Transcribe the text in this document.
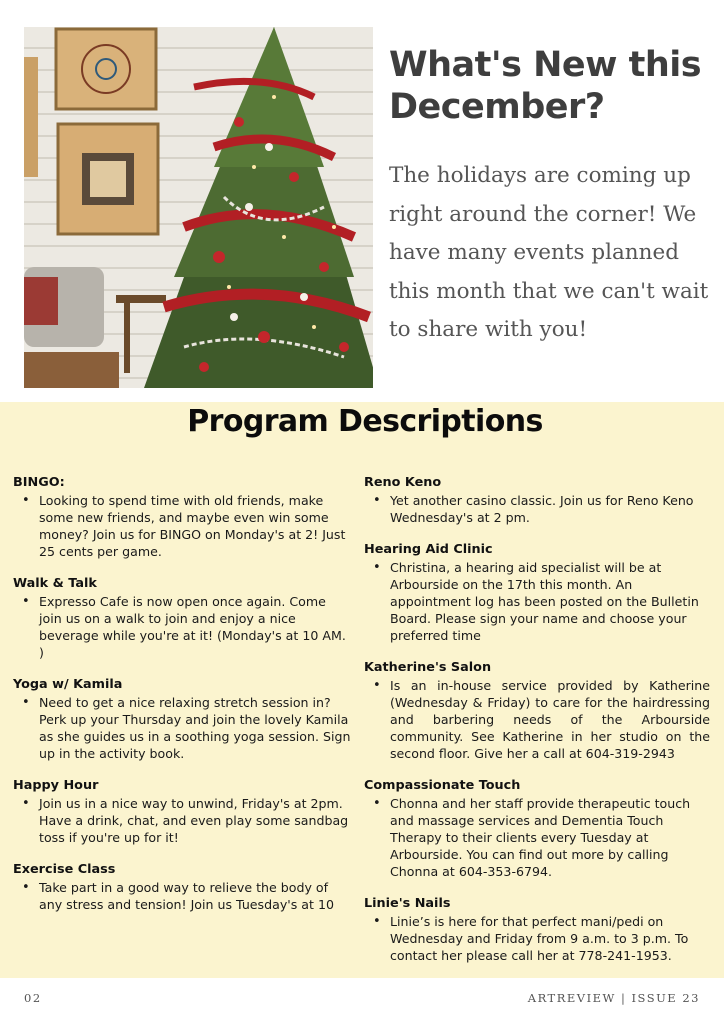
What's New this December?

The holidays are coming up right around the corner! We have many events planned this month that we can't wait to share with you!

Program Descriptions
BINGO:
• Looking to spend time with old friends, make some new friends, and maybe even win some money? Join us for BINGO on Monday's at 2! Just 25 cents per game.
Walk & Talk
• Expresso Cafe is now open once again. Come join us on a walk to join and enjoy a nice beverage while you're at it! (Monday's at 10 AM. )
Yoga w/ Kamila
• Need to get a nice relaxing stretch session in? Perk up your Thursday and join the lovely Kamila as she guides us in a soothing yoga session. Sign up in the activity book.
Happy Hour
• Join us in a nice way to unwind, Friday's at 2pm. Have a drink, chat, and even play some sandbag toss if you're up for it!
Exercise Class
• Take part in a good way to relieve the body of any stress and tension! Join us Tuesday's at 10
Reno Keno
• Yet another casino classic. Join us for Reno Keno Wednesday's at 2 pm.
Hearing Aid Clinic
• Christina, a hearing aid specialist will be at Arbourside on the 17th this month. An appointment log has been posted on the Bulletin Board. Please sign your name and choose your preferred time
Katherine's Salon
• Is an in-house service provided by Katherine (Wednesday & Friday) to care for the hairdressing and barbering needs of the Arbourside community. See Katherine in her studio on the second floor. Give her a call at 604-319-2943
Compassionate Touch
• Chonna and her staff provide therapeutic touch and massage services and Dementia Touch Therapy to their clients every Tuesday at Arbourside. You can find out more by calling Chonna at 604-353-6794.
Linie's Nails
• Linie’s is here for that perfect mani/pedi on Wednesday and Friday from 9 a.m. to 3 p.m. To contact her please call her at 778-241-1953.

02	ARTREVIEW | ISSUE 23
